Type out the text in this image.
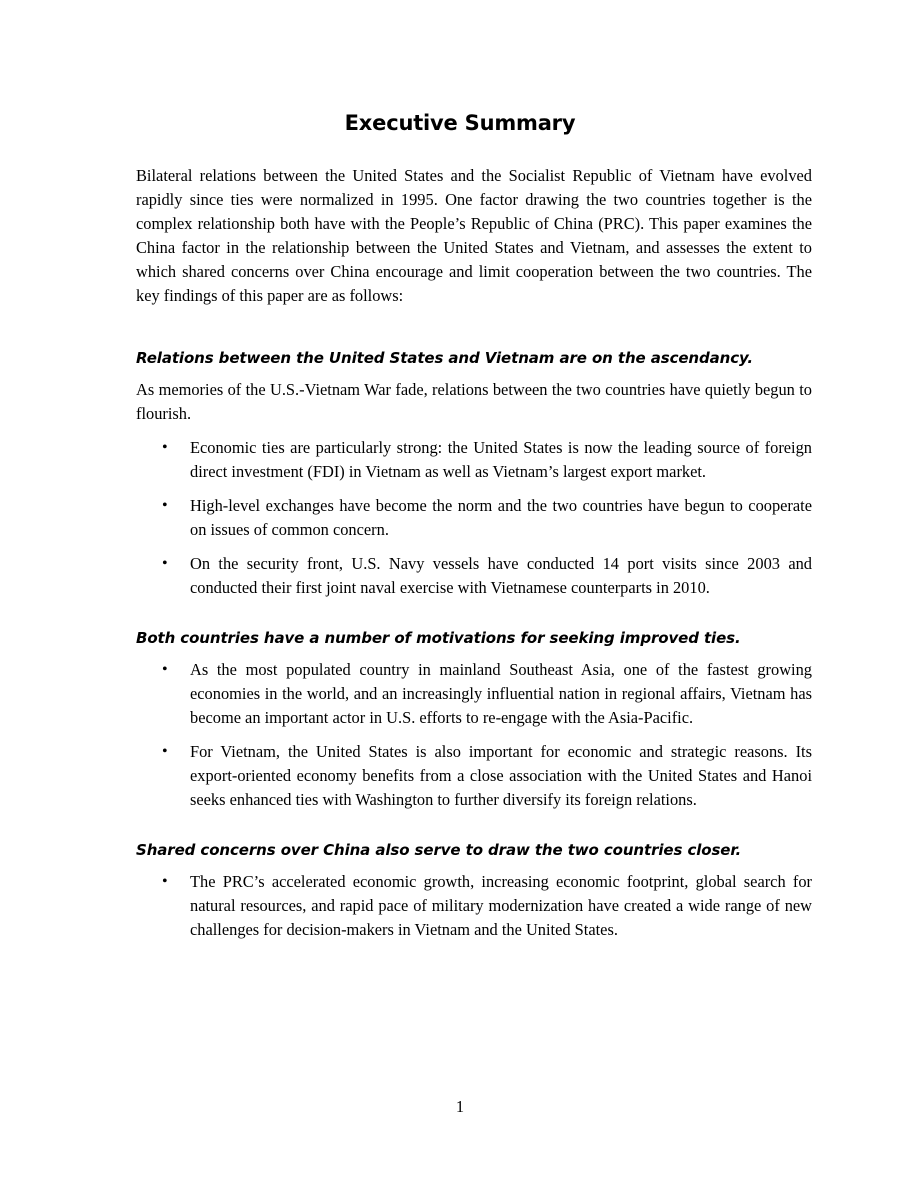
Executive Summary

Bilateral relations between the United States and the Socialist Republic of Vietnam have evolved rapidly since ties were normalized in 1995. One factor drawing the two countries together is the complex relationship both have with the People’s Republic of China (PRC). This paper examines the China factor in the relationship between the United States and Vietnam, and assesses the extent to which shared concerns over China encourage and limit cooperation between the two countries. The key findings of this paper are as follows:

Relations between the United States and Vietnam are on the ascendancy.

As memories of the U.S.-Vietnam War fade, relations between the two countries have quietly begun to flourish.

• Economic ties are particularly strong: the United States is now the leading source of foreign direct investment (FDI) in Vietnam as well as Vietnam’s largest export market.

• High-level exchanges have become the norm and the two countries have begun to cooperate on issues of common concern.

• On the security front, U.S. Navy vessels have conducted 14 port visits since 2003 and conducted their first joint naval exercise with Vietnamese counterparts in 2010.

Both countries have a number of motivations for seeking improved ties.
• As the most populated country in mainland Southeast Asia, one of the fastest growing economies in the world, and an increasingly influential nation in regional affairs, Vietnam has become an important actor in U.S. efforts to re-engage with the Asia-Pacific.

• For Vietnam, the United States is also important for economic and strategic reasons. Its export-oriented economy benefits from a close association with the United States and Hanoi seeks enhanced ties with Washington to further diversify its foreign relations.

Shared concerns over China also serve to draw the two countries closer.
• The PRC’s accelerated economic growth, increasing economic footprint, global search for natural resources, and rapid pace of military modernization have created a wide range of new challenges for decision-makers in Vietnam and the United States.

1
